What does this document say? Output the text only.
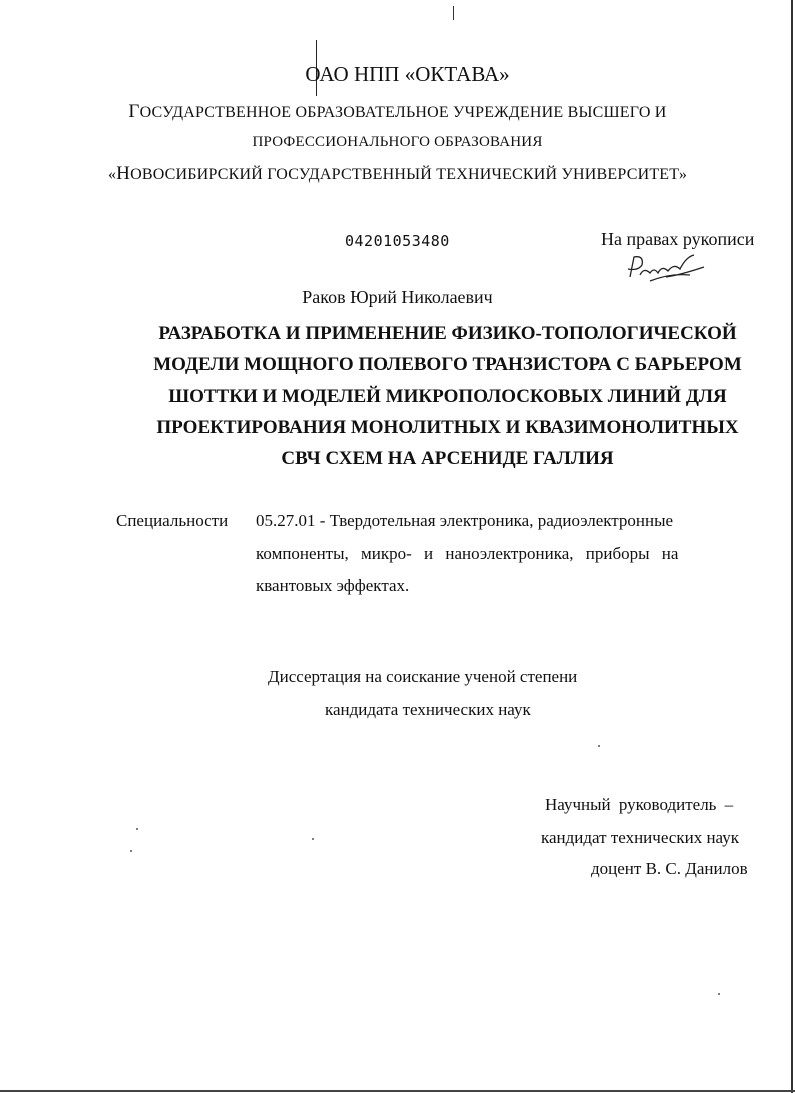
ОАО НПП «ОКТАВА»
ГОСУДАРСТВЕННОЕ ОБРАЗОВАТЕЛЬНОЕ УЧРЕЖДЕНИЕ ВЫСШЕГО И
ПРОФЕССИОНАЛЬНОГО ОБРАЗОВАНИЯ
«НОВОСИБИРСКИЙ ГОСУДАРСТВЕННЫЙ ТЕХНИЧЕСКИЙ УНИВЕРСИТЕТ»
04201053480	На правах рукописи
Раков Юрий Николаевич
РАЗРАБОТКА И ПРИМЕНЕНИЕ ФИЗИКО-ТОПОЛОГИЧЕСКОЙ
МОДЕЛИ МОЩНОГО ПОЛЕВОГО ТРАНЗИСТОРА С БАРЬЕРОМ
ШОТТКИ И МОДЕЛЕЙ МИКРОПОЛОСКОВЫХ ЛИНИЙ ДЛЯ
ПРОЕКТИРОВАНИЯ МОНОЛИТНЫХ И КВАЗИМОНОЛИТНЫХ
СВЧ СХЕМ НА АРСЕНИДЕ ГАЛЛИЯ
Специальности 05.27.01 - Твердотельная электроника, радиоэлектронные
компоненты, микро- и наноэлектроника, приборы на
квантовых эффектах.
Диссертация на соискание ученой степени
кандидата технических наук
Научный руководитель –
кандидат технических наук
доцент В. С. Данилов
